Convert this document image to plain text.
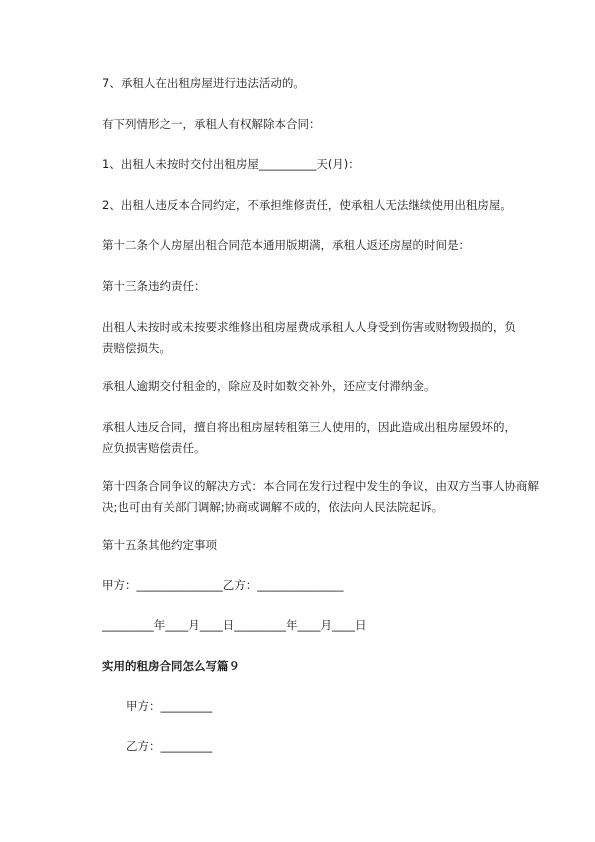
7、承租人在出租房屋进行违法活动的。

有下列情形之一，承租人有权解除本合同：

1、出租人未按时交付出租房屋__________天(月)：

2、出租人违反本合同约定，不承担维修责任，使承租人无法继续使用出租房屋。

第十二条个人房屋出租合同范本通用版期满，承租人返还房屋的时间是：

第十三条违约责任：

出租人未按时或未按要求维修出租房屋费成承租人人身受到伤害或财物毁损的，负责赔偿损失。

承租人逾期交付租金的，除应及时如数交补外，还应支付滞纳金。

承租人违反合同，擅自将出租房屋转租第三人使用的，因此造成出租房屋毁坏的，应负损害赔偿责任。

第十四条合同争议的解决方式：本合同在发行过程中发生的争议，由双方当事人协商解决;也可由有关部门调解;协商或调解不成的，依法向人民法院起诉。

第十五条其他约定事项

甲方：_______________乙方：_______________

_________年____月____日_________年____月____日

实用的租房合同怎么写篇９

甲方：_________

乙方：_________
